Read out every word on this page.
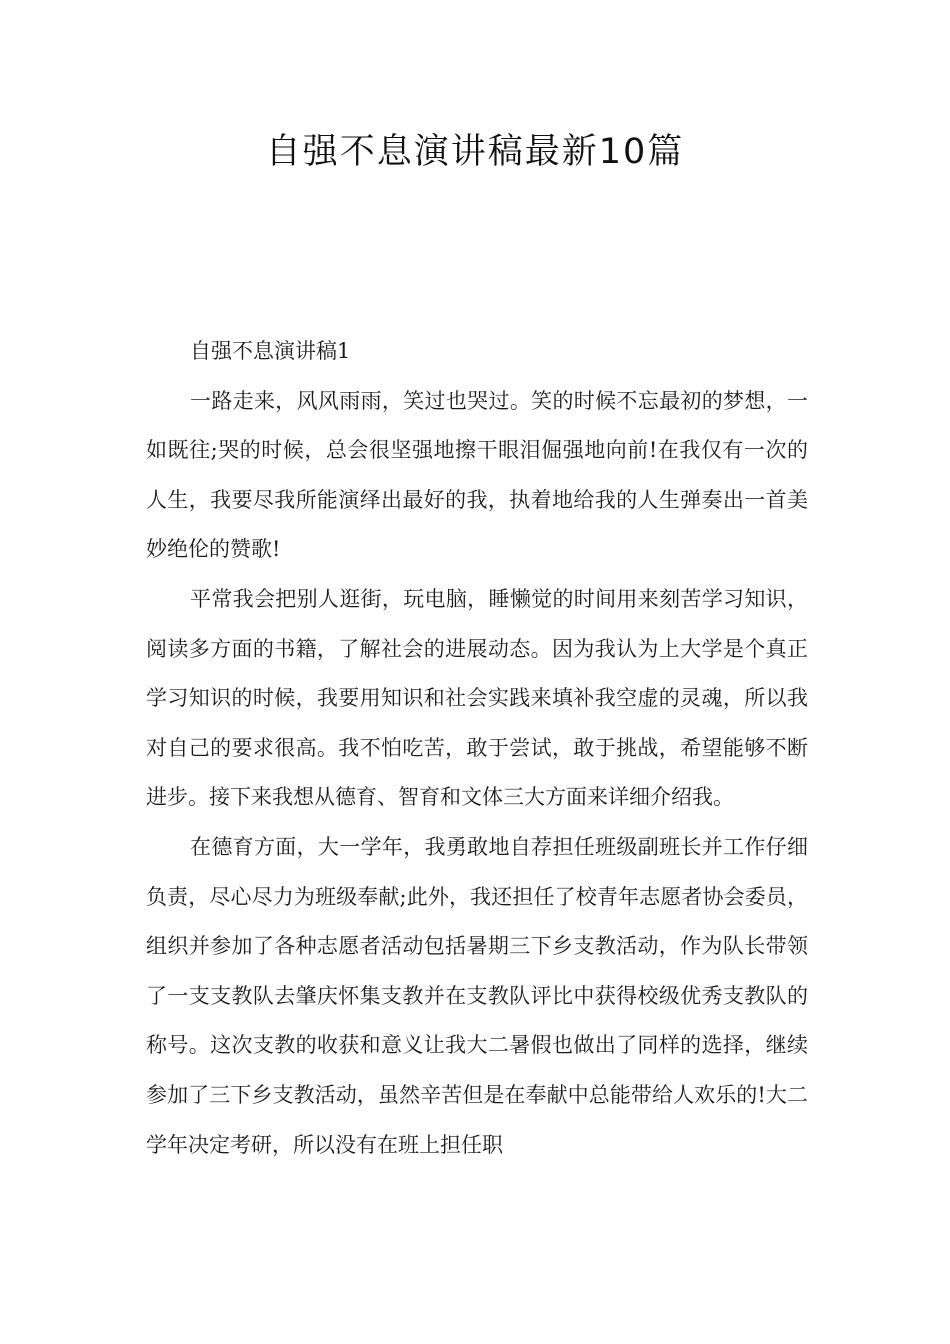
自强不息演讲稿最新10篇

自强不息演讲稿1

一路走来，风风雨雨，笑过也哭过。笑的时候不忘最初的梦想，一如既往;哭的时候，总会很坚强地擦干眼泪倔强地向前!在我仅有一次的人生，我要尽我所能演绎出最好的我，执着地给我的人生弹奏出一首美妙绝伦的赞歌!

平常我会把别人逛街，玩电脑，睡懒觉的时间用来刻苦学习知识，阅读多方面的书籍，了解社会的进展动态。因为我认为上大学是个真正学习知识的时候，我要用知识和社会实践来填补我空虚的灵魂，所以我对自己的要求很高。我不怕吃苦，敢于尝试，敢于挑战，希望能够不断进步。接下来我想从德育、智育和文体三大方面来详细介绍我。

在德育方面，大一学年，我勇敢地自荐担任班级副班长并工作仔细负责，尽心尽力为班级奉献;此外，我还担任了校青年志愿者协会委员，组织并参加了各种志愿者活动包括暑期三下乡支教活动，作为队长带领了一支支教队去肇庆怀集支教并在支教队评比中获得校级优秀支教队的称号。这次支教的收获和意义让我大二暑假也做出了同样的选择，继续参加了三下乡支教活动，虽然辛苦但是在奉献中总能带给人欢乐的!大二学年决定考研，所以没有在班上担任职
